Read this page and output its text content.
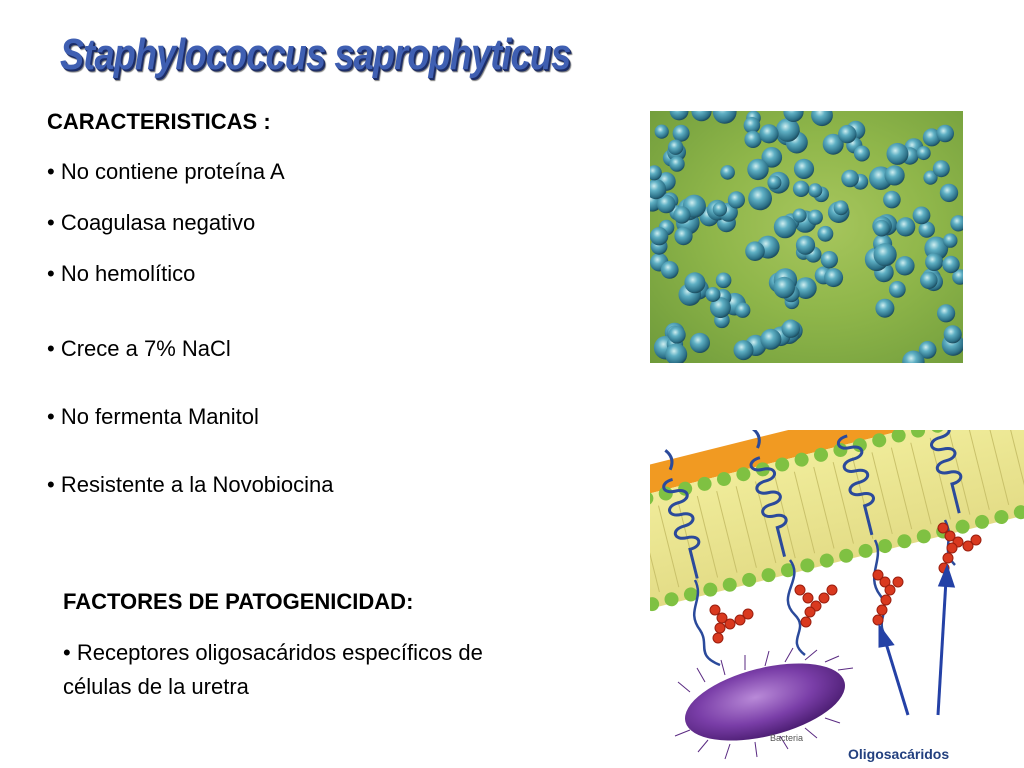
Staphylococcus saprophyticus
CARACTERISTICAS :
• No contiene proteína A
• Coagulasa negativo
• No hemolítico
• Crece a 7% NaCl
• No fermenta Manitol
• Resistente a la Novobiocina
FACTORES DE PATOGENICIDAD:
• Receptores oligosacáridos específicos de
células de la uretra
Bacteria
Oligosacáridos
